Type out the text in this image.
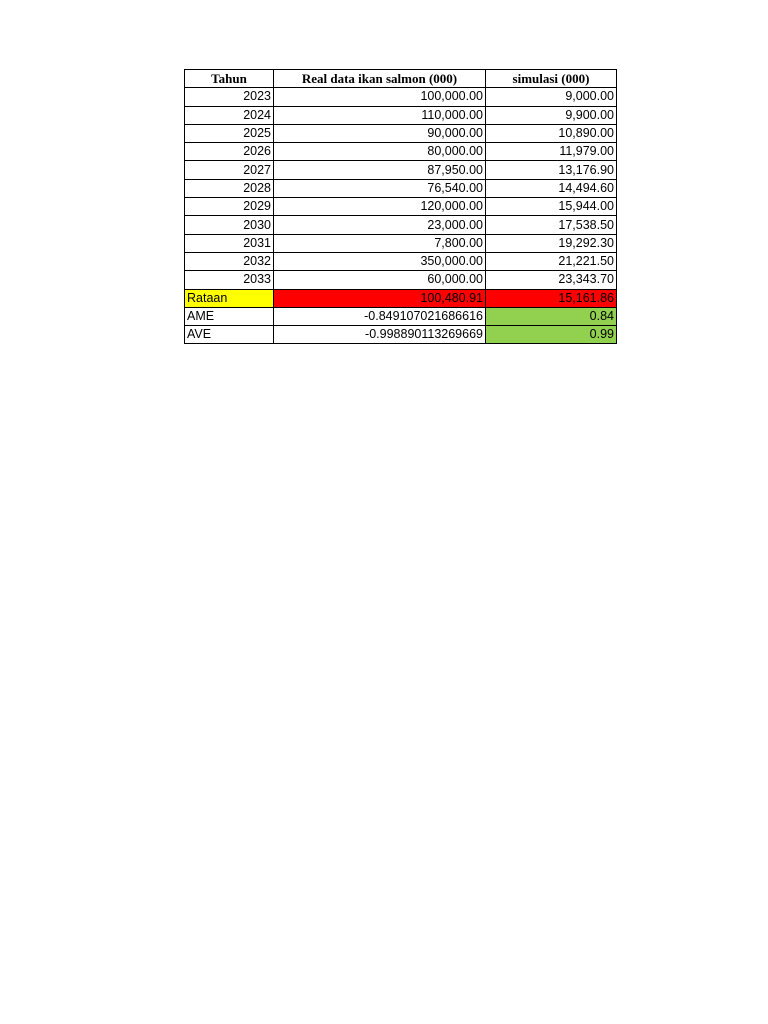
Tahun	Real data ikan salmon (000)	simulasi (000)
2023	100,000.00	9,000.00
2024	110,000.00	9,900.00
2025	90,000.00	10,890.00
2026	80,000.00	11,979.00
2027	87,950.00	13,176.90
2028	76,540.00	14,494.60
2029	120,000.00	15,944.00
2030	23,000.00	17,538.50
2031	7,800.00	19,292.30
2032	350,000.00	21,221.50
2033	60,000.00	23,343.70
Rataan	100,480.91	15,161.86
AME	-0.849107021686616	0.84
AVE	-0.998890113269669	0.99
